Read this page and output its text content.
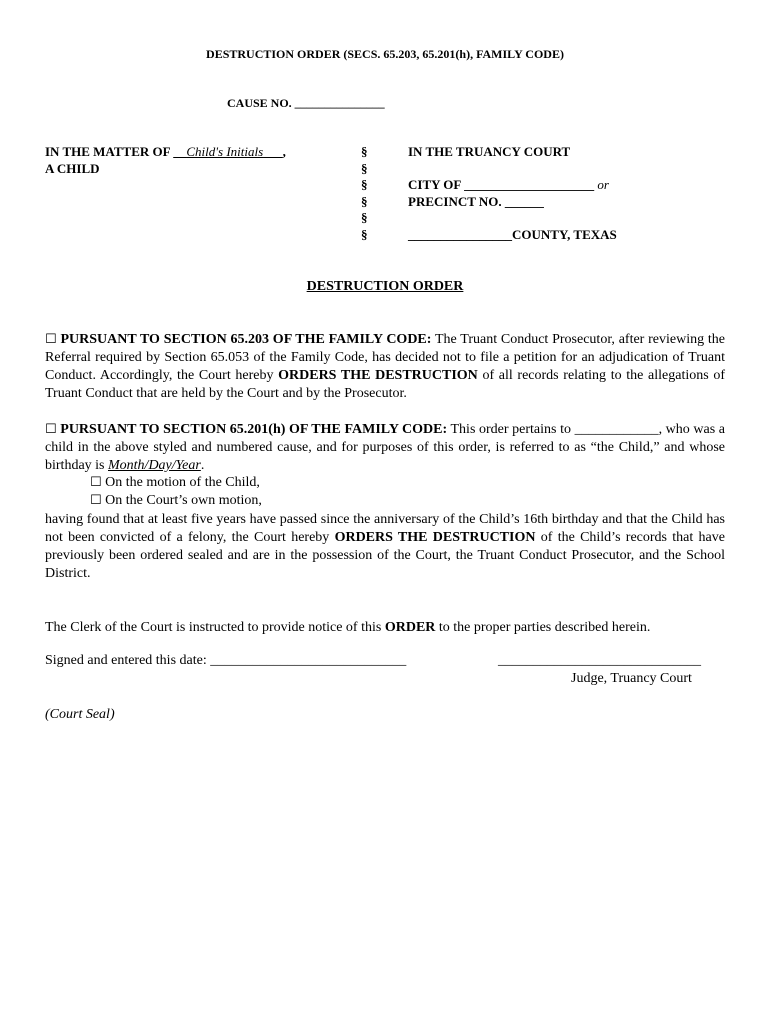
DESTRUCTION ORDER (SECS. 65.203, 65.201(h), FAMILY CODE)
CAUSE NO. _______________
IN THE MATTER OF __Child's Initials___,
A CHILD
§
§
§
§
§
§
IN THE TRUANCY COURT
CITY OF ____________________ or
PRECINCT NO. ______
________________COUNTY, TEXAS
DESTRUCTION ORDER
☐ PURSUANT TO SECTION 65.203 OF THE FAMILY CODE: The Truant Conduct Prosecutor, after reviewing the Referral required by Section 65.053 of the Family Code, has decided not to file a petition for an adjudication of Truant Conduct. Accordingly, the Court hereby ORDERS THE DESTRUCTION of all records relating to the allegations of Truant Conduct that are held by the Court and by the Prosecutor.
☐ PURSUANT TO SECTION 65.201(h) OF THE FAMILY CODE: This order pertains to ____________, who was a child in the above styled and numbered cause, and for purposes of this order, is referred to as “the Child,” and whose birthday is Month/Day/Year.
☐ On the motion of the Child,
☐ On the Court’s own motion,
having found that at least five years have passed since the anniversary of the Child’s 16th birthday and that the Child has not been convicted of a felony, the Court hereby ORDERS THE DESTRUCTION of the Child’s records that have previously been ordered sealed and are in the possession of the Court, the Truant Conduct Prosecutor, and the School District.
The Clerk of the Court is instructed to provide notice of this ORDER to the proper parties described herein.
Signed and entered this date: ____________________________	_____________________________
Judge, Truancy Court
(Court Seal)
